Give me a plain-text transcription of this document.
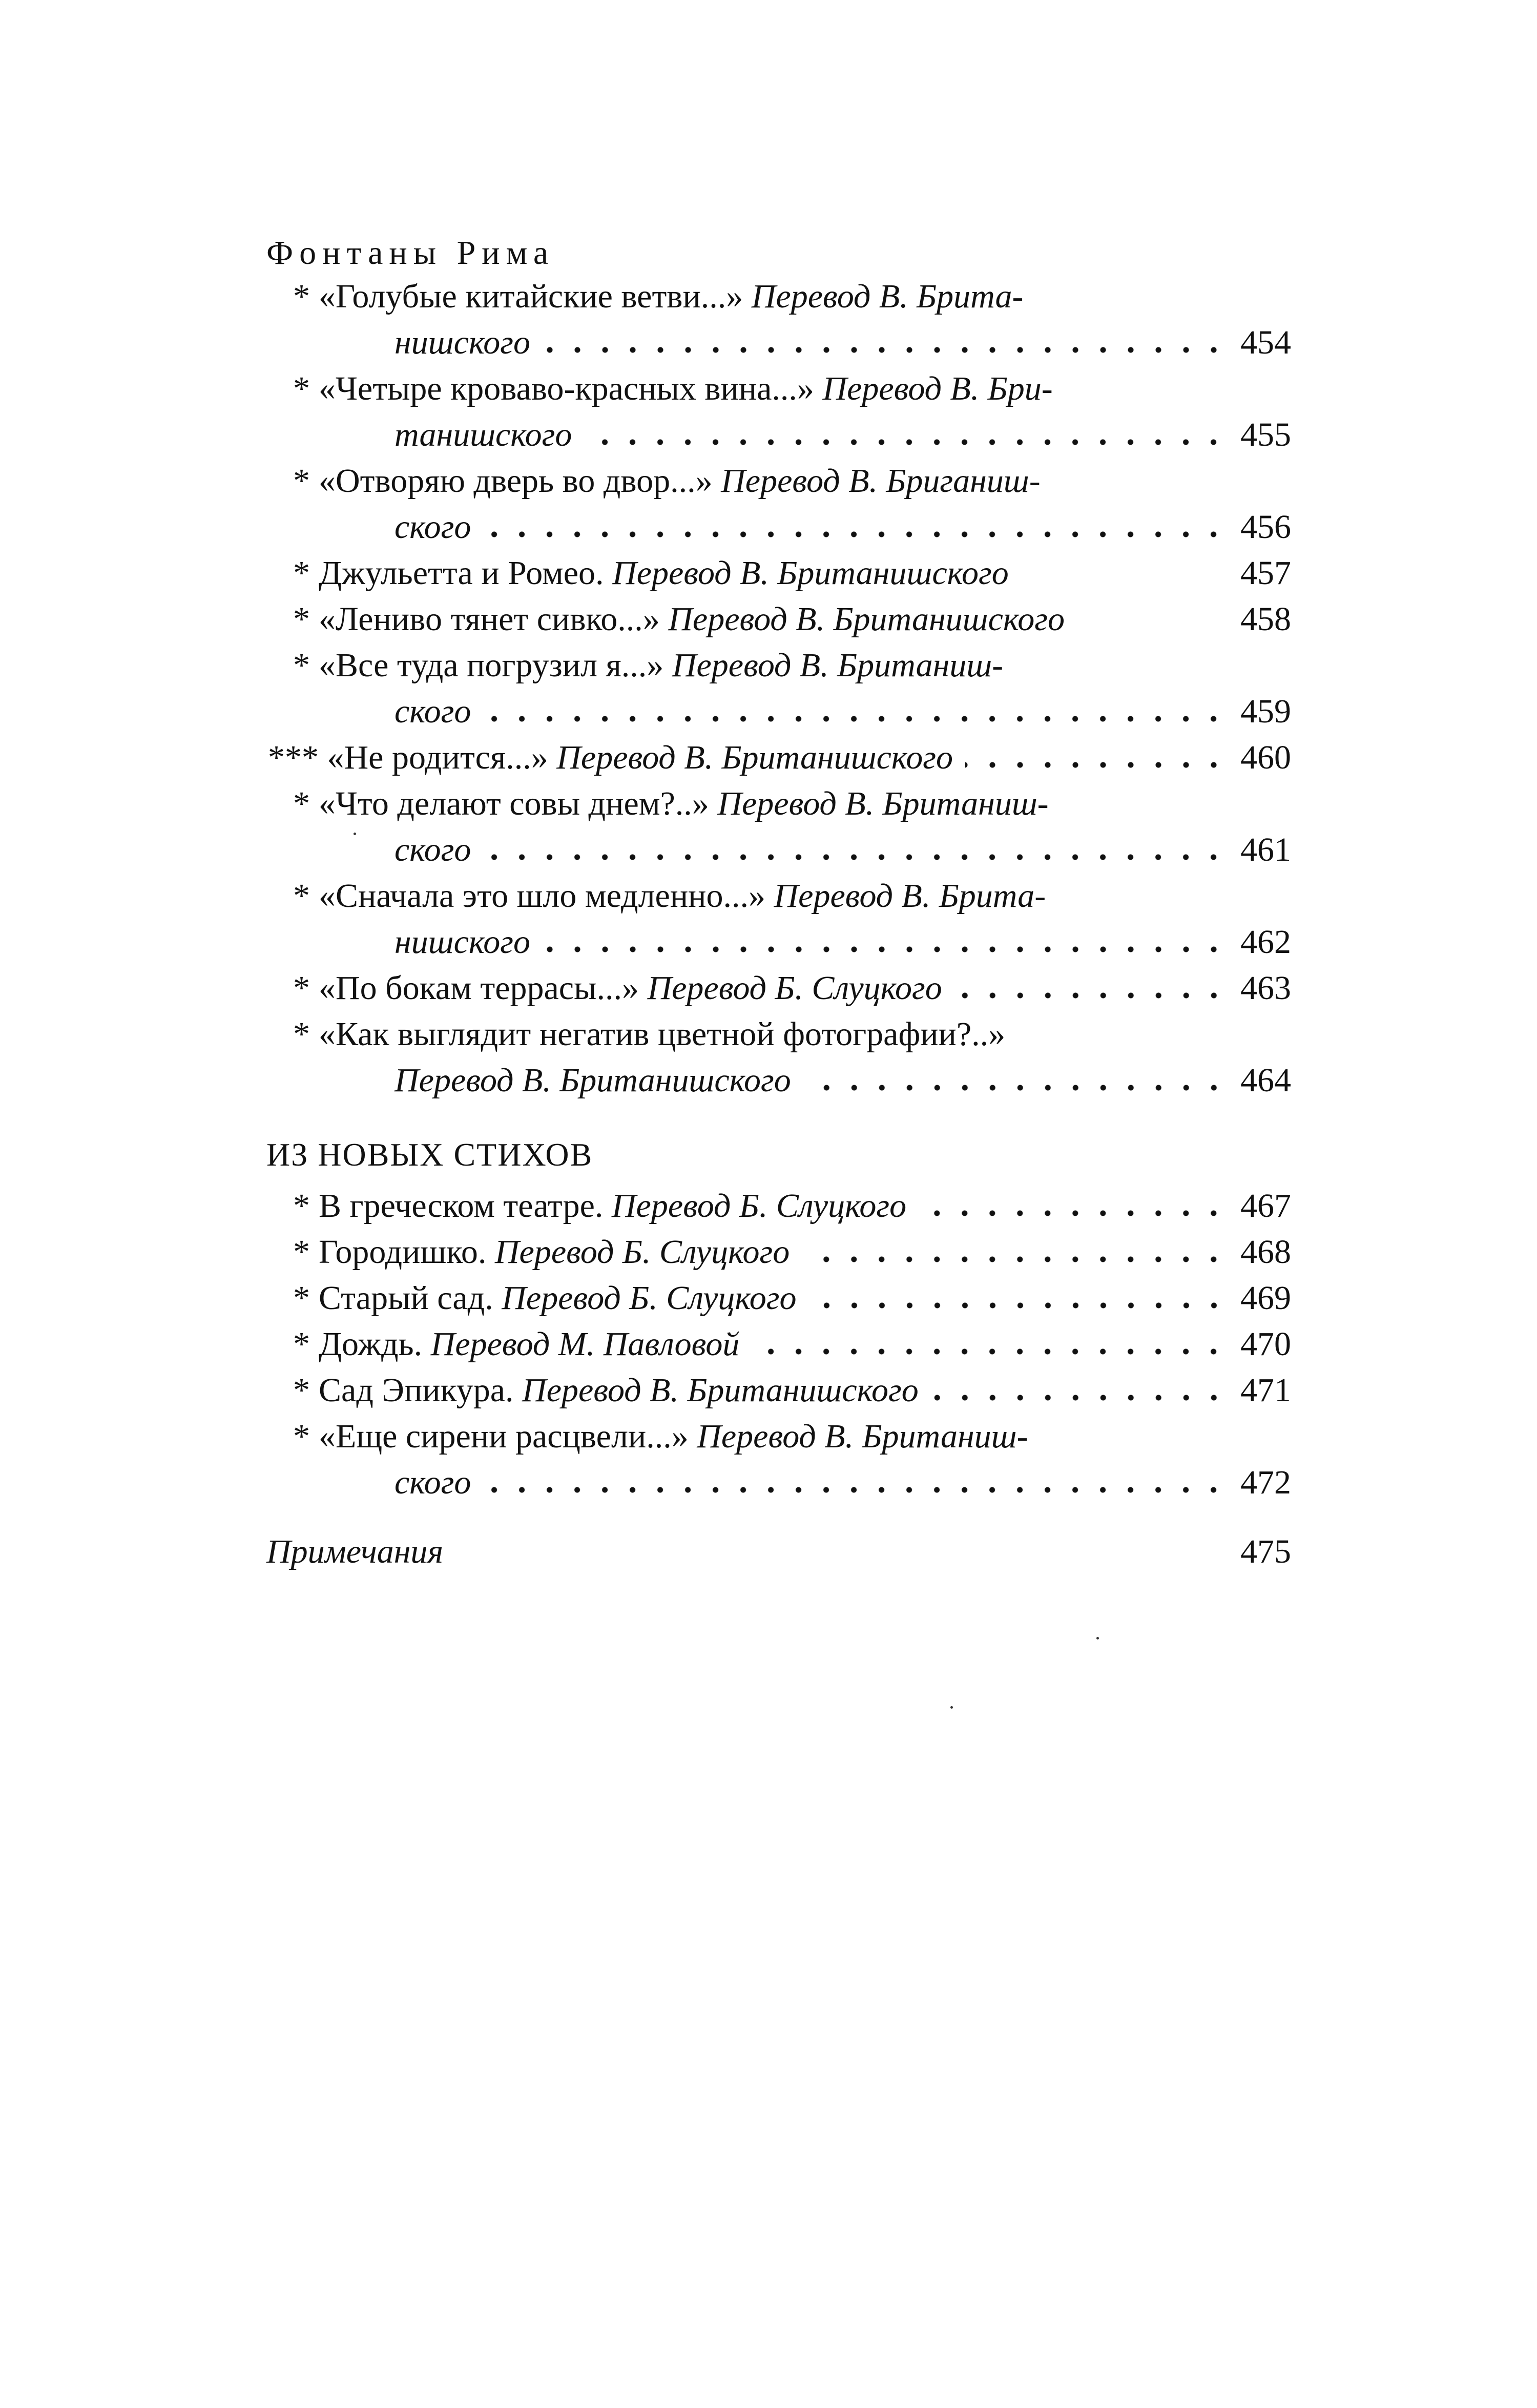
Фонтаны Рима
* «Голубые китайские ветви...» Перевод В. Брита-
нишского	454
* «Четыре кроваво-красных вина...» Перевод В. Бри-
танишского	455
* «Отворяю дверь во двор...» Перевод В. Бриганиш-
ского	456
* Джульетта и Ромео.
Перевод В. Британишского	457
* «Лениво тянет сивко...»
Перевод В. Британишского	458
* «Все туда погрузил я...» Перевод В. Британиш-
ского	459
***
«Не родится...»
Перевод В. Британишского	460
* «Что делают совы днем?..» Перевод В. Британиш-
ского	461
* «Сначала это шло медленно...» Перевод В. Брита-
нишского	462
* «По бокам террасы...»
Перевод Б. Слуцкого	463
* «Как выглядит негатив цветной фотографии?..»
Перевод В. Британишского	464
ИЗ НОВЫХ СТИХОВ
* В греческом театре.
Перевод Б. Слуцкого	467
* Городишко.
Перевод Б. Слуцкого	468
* Старый сад.
Перевод Б. Слуцкого	469
* Дождь.
Перевод М. Павловой	470
* Сад Эпикура.
Перевод В. Британишского	471
* «Еще сирени расцвели...» Перевод В. Британиш-
ского	472
Примечания	475
